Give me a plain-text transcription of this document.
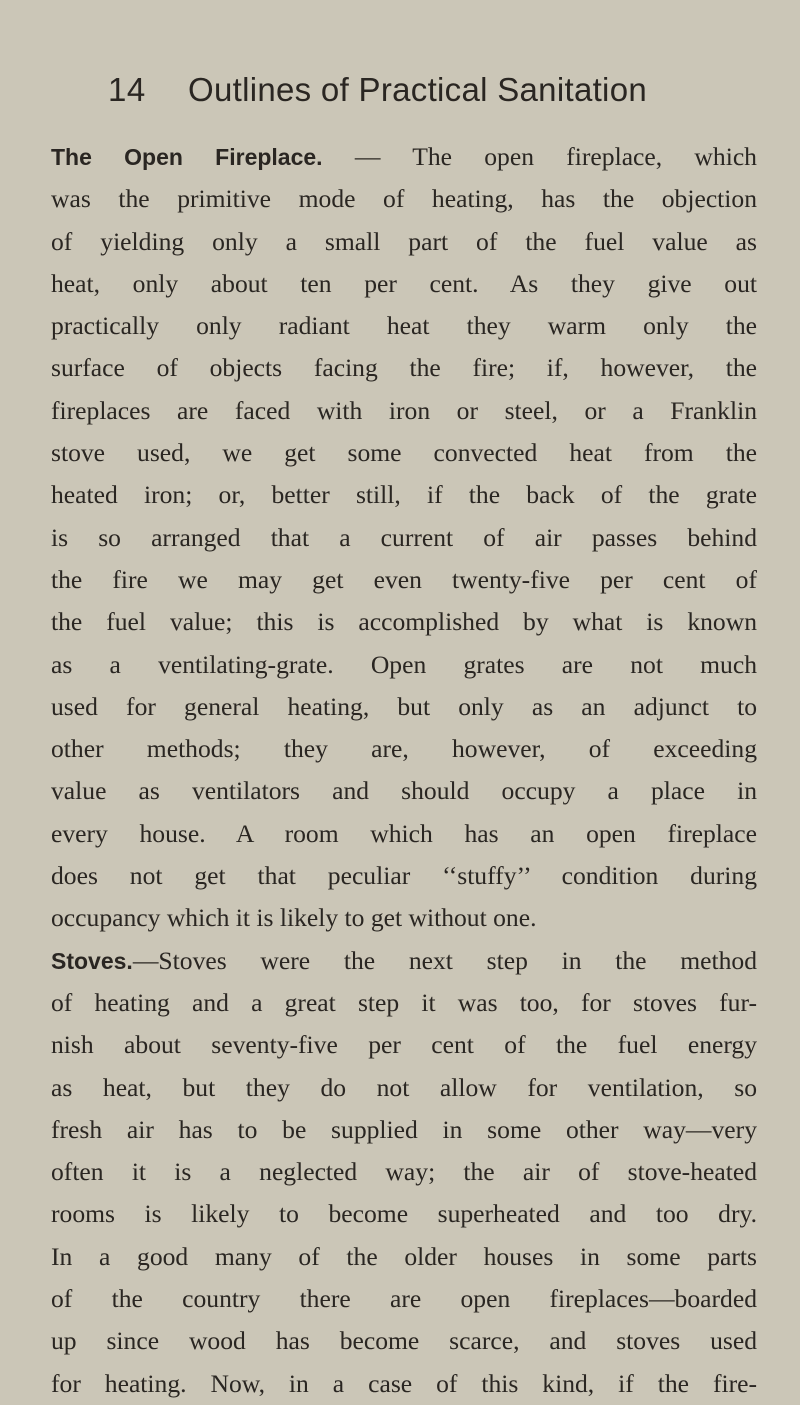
14 Outlines of Practical Sanitation
The Open Fireplace. — The open fireplace, which
was the primitive mode of heating, has the objection
of yielding only a small part of the fuel value as
heat, only about ten per cent. As they give out
practically only radiant heat they warm only the
surface of objects facing the fire; if, however, the
fireplaces are faced with iron or steel, or a Franklin
stove used, we get some convected heat from the
heated iron; or, better still, if the back of the grate
is so arranged that a current of air passes behind
the fire we may get even twenty-five per cent of
the fuel value; this is accomplished by what is known
as a ventilating-grate. Open grates are not much
used for general heating, but only as an adjunct to
other methods; they are, however, of exceeding
value as ventilators and should occupy a place in
every house. A room which has an open fireplace
does not get that peculiar ‘‘stuffy’’ condition during
occupancy which it is likely to get without one.
Stoves.—Stoves were the next step in the method
of heating and a great step it was too, for stoves fur-
nish about seventy-five per cent of the fuel energy
as heat, but they do not allow for ventilation, so
fresh air has to be supplied in some other way—very
often it is a neglected way; the air of stove-heated
rooms is likely to become superheated and too dry.
In a good many of the older houses in some parts
of the country there are open fireplaces—boarded
up since wood has become scarce, and stoves used
for heating. Now, in a case of this kind, if the fire-
